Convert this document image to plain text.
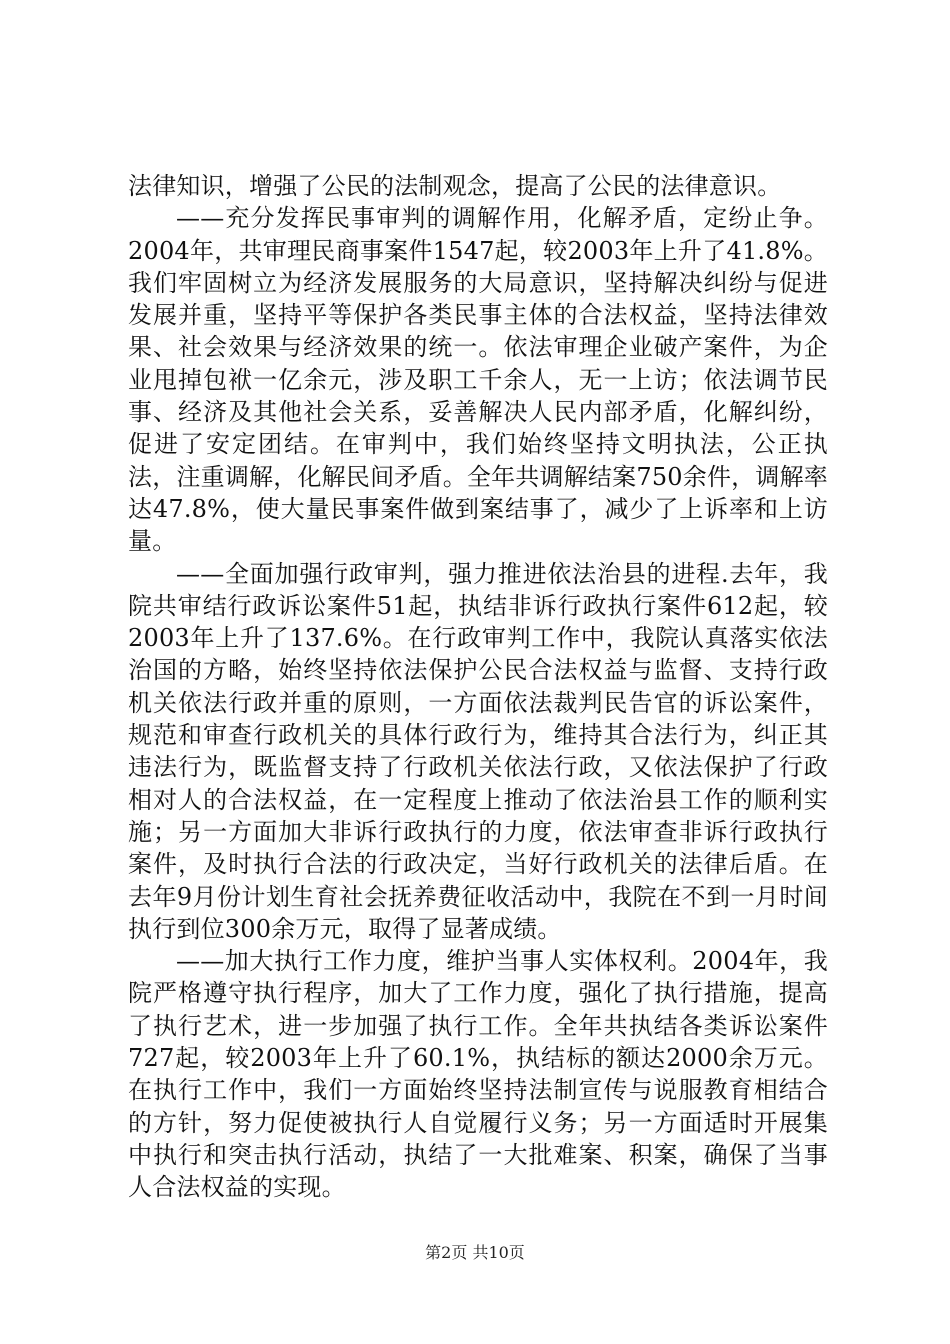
法律知识，增强了公民的法制观念，提高了公民的法律意识。

——充分发挥民事审判的调解作用，化解矛盾，定纷止争。2004年，共审理民商事案件1547起，较2003年上升了41.8%。我们牢固树立为经济发展服务的大局意识，坚持解决纠纷与促进发展并重，坚持平等保护各类民事主体的合法权益，坚持法律效果、社会效果与经济效果的统一。依法审理企业破产案件，为企业甩掉包袱一亿余元，涉及职工千余人，无一上访；依法调节民事、经济及其他社会关系，妥善解决人民内部矛盾，化解纠纷，促进了安定团结。在审判中，我们始终坚持文明执法，公正执法，注重调解，化解民间矛盾。全年共调解结案750余件，调解率达47.8%，使大量民事案件做到案结事了，减少了上诉率和上访量。

——全面加强行政审判，强力推进依法治县的进程.去年，我院共审结行政诉讼案件51起，执结非诉行政执行案件612起，较2003年上升了137.6%。在行政审判工作中，我院认真落实依法治国的方略，始终坚持依法保护公民合法权益与监督、支持行政机关依法行政并重的原则，一方面依法裁判民告官的诉讼案件，规范和审查行政机关的具体行政行为，维持其合法行为，纠正其违法行为，既监督支持了行政机关依法行政，又依法保护了行政相对人的合法权益，在一定程度上推动了依法治县工作的顺利实施；另一方面加大非诉行政执行的力度，依法审查非诉行政执行案件，及时执行合法的行政决定，当好行政机关的法律后盾。在去年9月份计划生育社会抚养费征收活动中，我院在不到一月时间执行到位300余万元，取得了显著成绩。

——加大执行工作力度，维护当事人实体权利。2004年，我院严格遵守执行程序，加大了工作力度，强化了执行措施，提高了执行艺术，进一步加强了执行工作。全年共执结各类诉讼案件727起，较2003年上升了60.1%，执结标的额达2000余万元。在执行工作中，我们一方面始终坚持法制宣传与说服教育相结合的方针，努力促使被执行人自觉履行义务；另一方面适时开展集中执行和突击执行活动，执结了一大批难案、积案，确保了当事人合法权益的实现。

第2页 共10页
